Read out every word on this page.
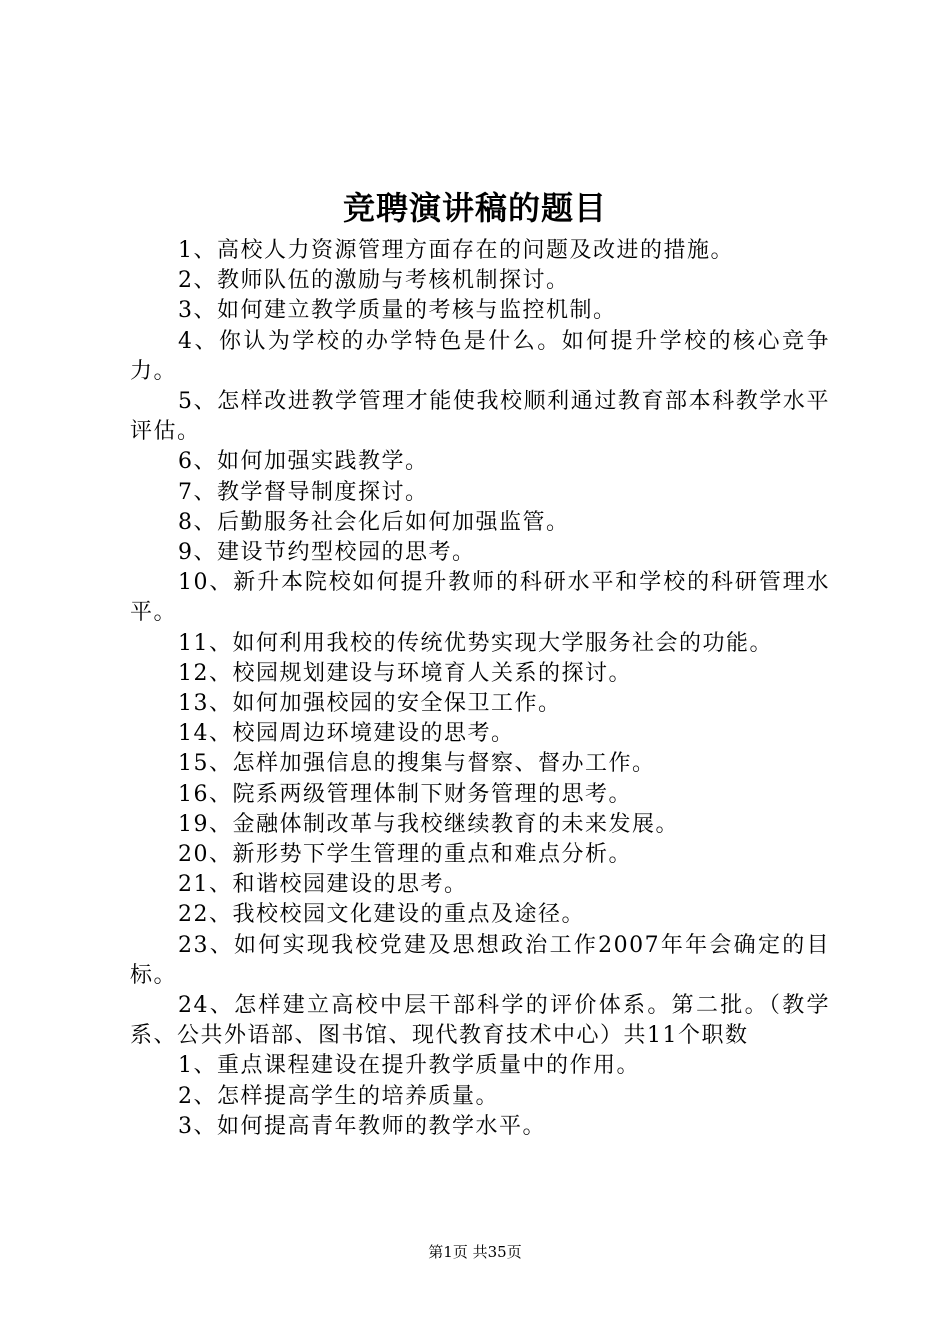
竞聘演讲稿的题目

1、高校人力资源管理方面存在的问题及改进的措施。

2、教师队伍的激励与考核机制探讨。

3、如何建立教学质量的考核与监控机制。

4、你认为学校的办学特色是什么。如何提升学校的核心竞争力。

5、怎样改进教学管理才能使我校顺利通过教育部本科教学水平评估。

6、如何加强实践教学。

7、教学督导制度探讨。

8、后勤服务社会化后如何加强监管。

9、建设节约型校园的思考。

10、新升本院校如何提升教师的科研水平和学校的科研管理水平。

11、如何利用我校的传统优势实现大学服务社会的功能。

12、校园规划建设与环境育人关系的探讨。

13、如何加强校园的安全保卫工作。

14、校园周边环境建设的思考。

15、怎样加强信息的搜集与督察、督办工作。

16、院系两级管理体制下财务管理的思考。

19、金融体制改革与我校继续教育的未来发展。

20、新形势下学生管理的重点和难点分析。

21、和谐校园建设的思考。

22、我校校园文化建设的重点及途径。

23、如何实现我校党建及思想政治工作2007年年会确定的目标。

24、怎样建立高校中层干部科学的评价体系。第二批。（教学系、公共外语部、图书馆、现代教育技术中心）共11个职数

1、重点课程建设在提升教学质量中的作用。

2、怎样提高学生的培养质量。

3、如何提高青年教师的教学水平。

第1页 共35页
